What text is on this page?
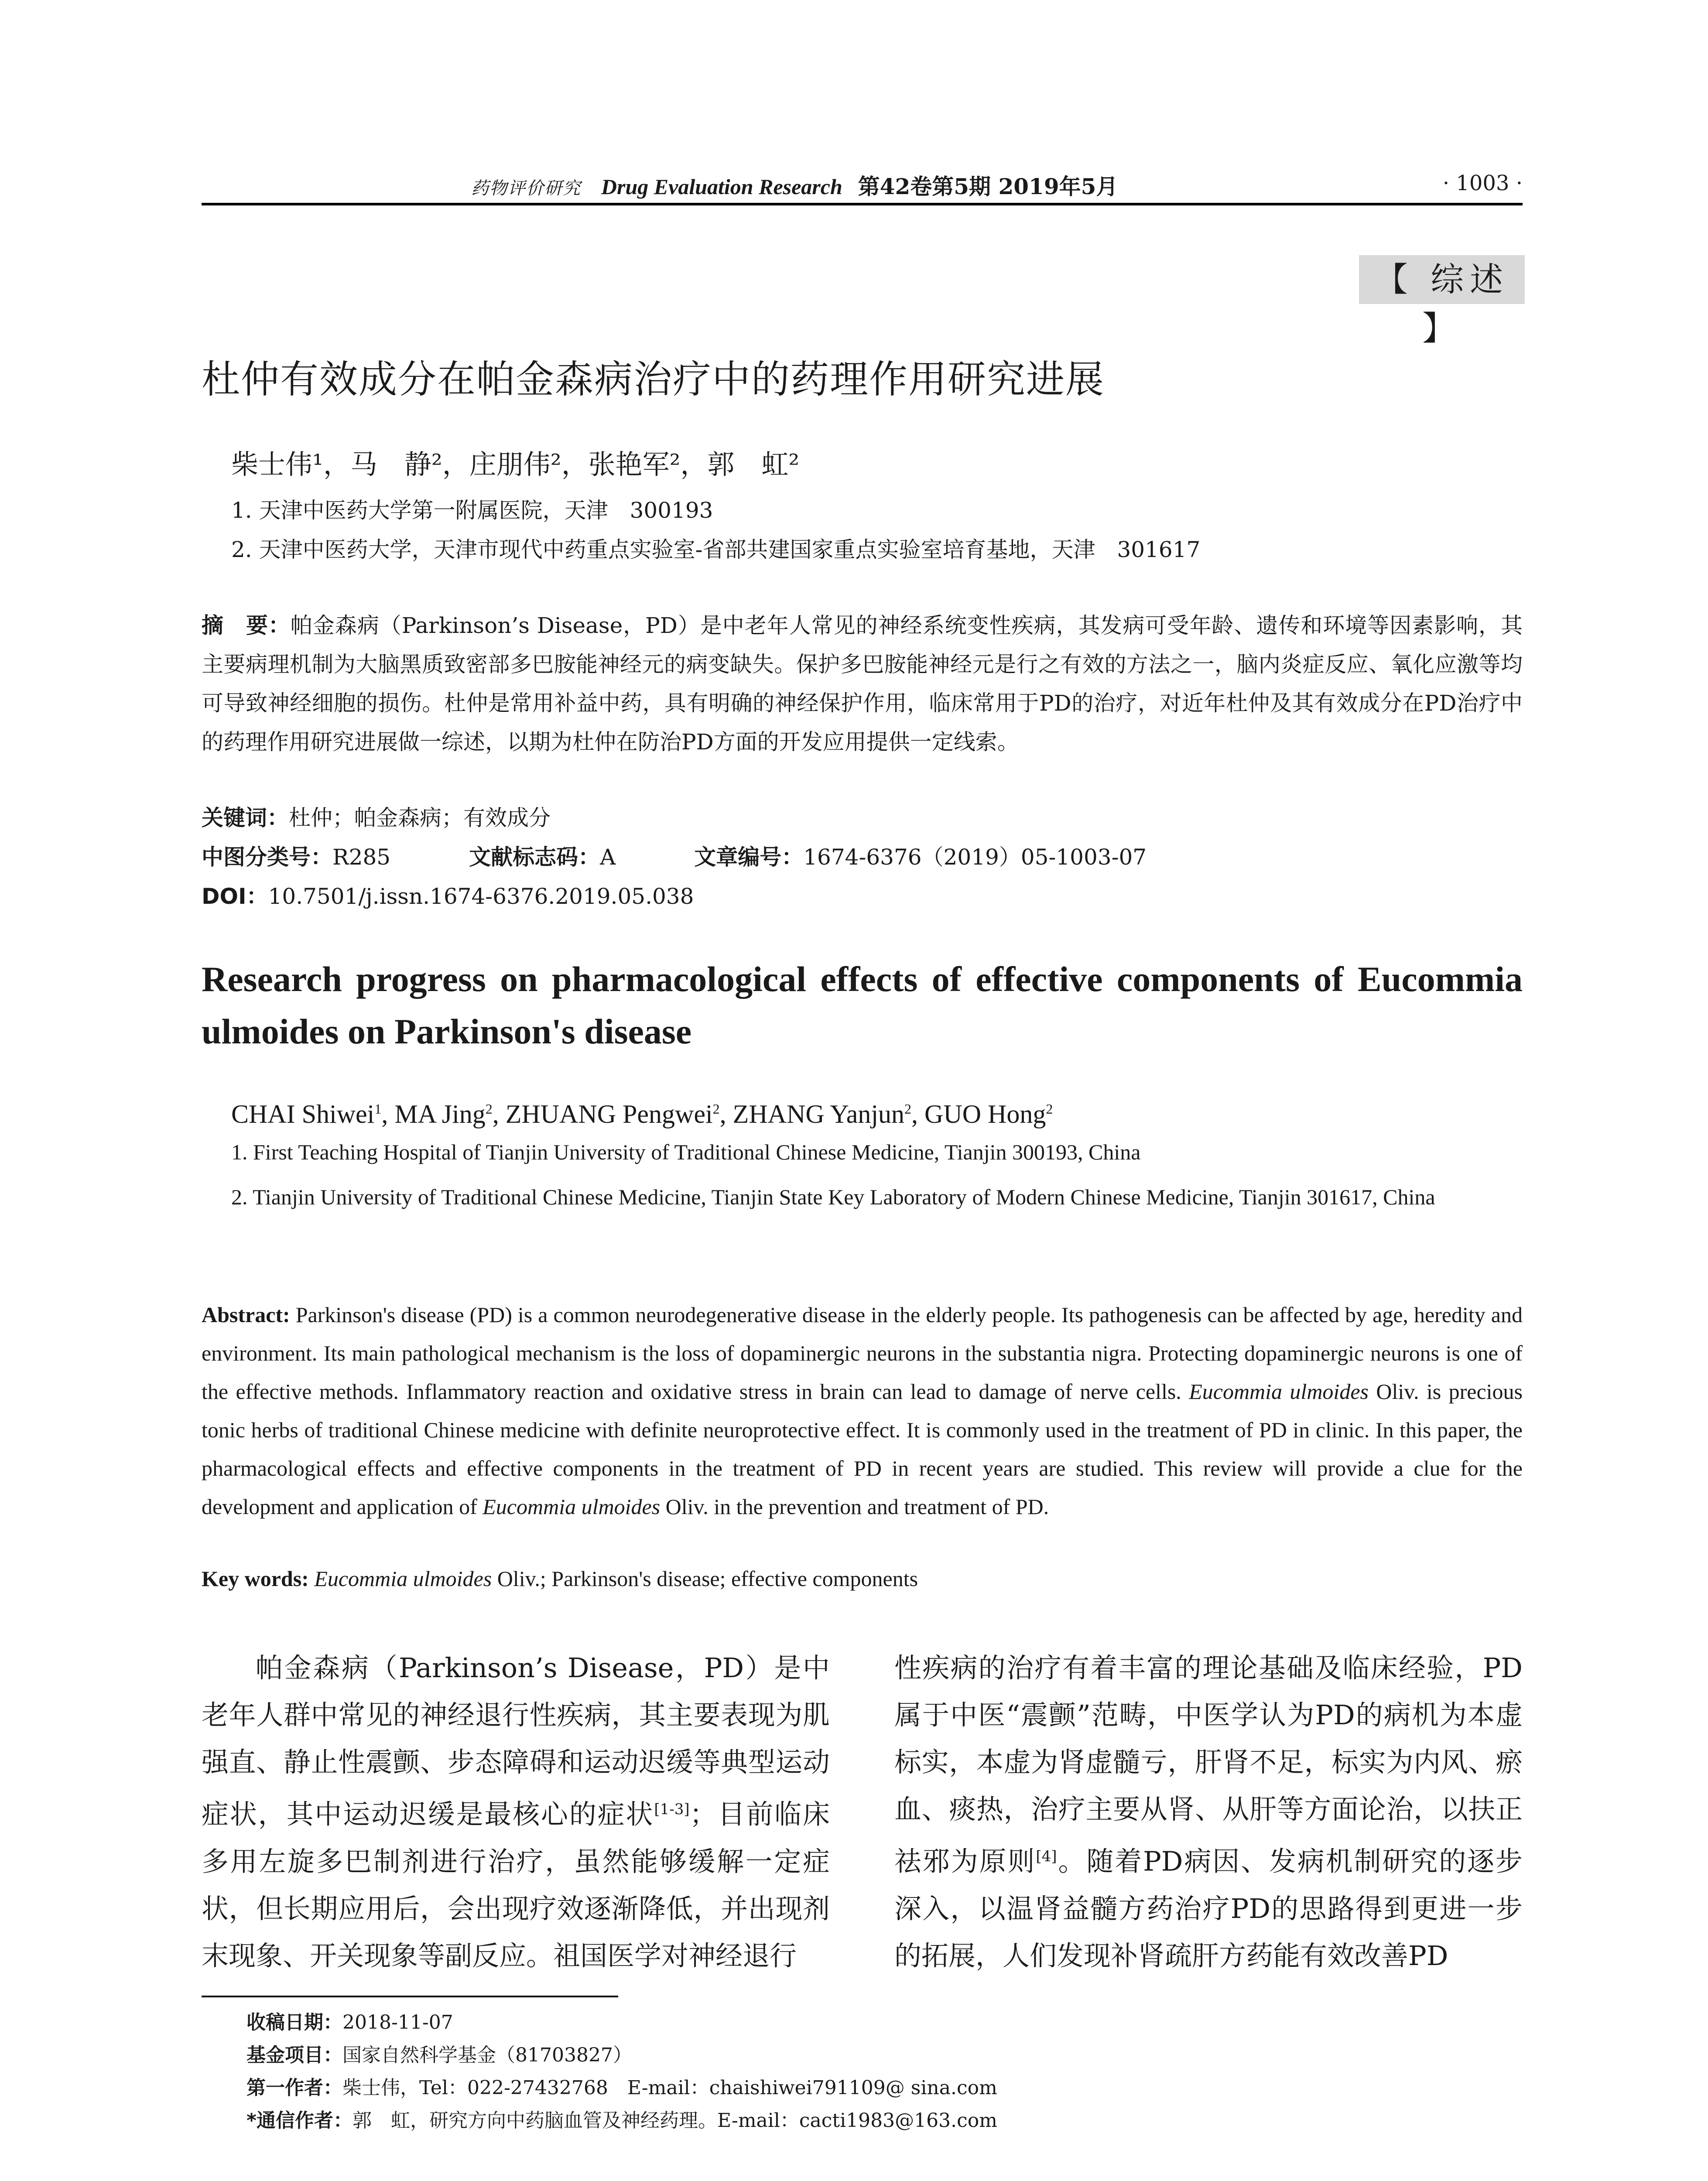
药物评价研究 Drug Evaluation Research 第42卷第5期 2019年5月	· 1003 ·
【 综述 】
杜仲有效成分在帕金森病治疗中的药理作用研究进展
柴士伟¹，马　静²，庄朋伟²，张艳军²，郭　虹²
1. 天津中医药大学第一附属医院，天津　300193
2. 天津中医药大学，天津市现代中药重点实验室-省部共建国家重点实验室培育基地，天津　301617
摘　要：帕金森病（Parkinson’s Disease，PD）是中老年人常见的神经系统变性疾病，其发病可受年龄、遗传和环境等因素影响，其主要病理机制为大脑黑质致密部多巴胺能神经元的病变缺失。保护多巴胺能神经元是行之有效的方法之一，脑内炎症反应、氧化应激等均可导致神经细胞的损伤。杜仲是常用补益中药，具有明确的神经保护作用，临床常用于PD的治疗，对近年杜仲及其有效成分在PD治疗中的药理作用研究进展做一综述，以期为杜仲在防治PD方面的开发应用提供一定线索。
关键词：杜仲；帕金森病；有效成分
中图分类号：R285	文献标志码：A	文章编号：1674-6376（2019）05-1003-07
DOI：10.7501/j.issn.1674-6376.2019.05.038
Research progress on pharmacological effects of effective components of Eucommia ulmoides on Parkinson's disease
CHAI Shiwei$^1$, MA Jing$^2$, ZHUANG Pengwei$^2$, ZHANG Yanjun$^2$, GUO Hong$^2$
1. First Teaching Hospital of Tianjin University of Traditional Chinese Medicine, Tianjin 300193, China
2. Tianjin University of Traditional Chinese Medicine, Tianjin State Key Laboratory of Modern Chinese Medicine, Tianjin 301617, China
Abstract: Parkinson's disease (PD) is a common neurodegenerative disease in the elderly people. Its pathogenesis can be affected by age, heredity and environment. Its main pathological mechanism is the loss of dopaminergic neurons in the substantia nigra. Protecting dopaminergic neurons is one of the effective methods. Inflammatory reaction and oxidative stress in brain can lead to damage of nerve cells. Eucommia ulmoides Oliv. is precious tonic herbs of traditional Chinese medicine with definite neuroprotective effect. It is commonly used in the treatment of PD in clinic. In this paper, the pharmacological effects and effective components in the treatment of PD in recent years are studied. This review will provide a clue for the development and application of Eucommia ulmoides Oliv. in the prevention and treatment of PD.
Key words: Eucommia ulmoides Oliv.; Parkinson's disease; effective components
帕金森病（Parkinson’s Disease，PD）是中老年人群中常见的神经退行性疾病，其主要表现为肌强直、静止性震颤、步态障碍和运动迟缓等典型运动症状，其中运动迟缓是最核心的症状[1-3]；目前临床多用左旋多巴制剂进行治疗，虽然能够缓解一定症状，但长期应用后，会出现疗效逐渐降低，并出现剂末现象、开关现象等副反应。祖国医学对神经退行
性疾病的治疗有着丰富的理论基础及临床经验，PD属于中医“震颤”范畴，中医学认为PD的病机为本虚标实，本虚为肾虚髓亏，肝肾不足，标实为内风、瘀血、痰热，治疗主要从肾、从肝等方面论治，以扶正祛邪为原则[4]。随着PD病因、发病机制研究的逐步深入，以温肾益髓方药治疗PD的思路得到更进一步的拓展，人们发现补肾疏肝方药能有效改善PD
收稿日期：2018-11-07
基金项目：国家自然科学基金（81703827）
第一作者：柴士伟，Tel：022-27432768　E-mail：chaishiwei791109@ sina.com
*通信作者：郭　虹，研究方向中药脑血管及神经药理。E-mail：cacti1983@163.com
